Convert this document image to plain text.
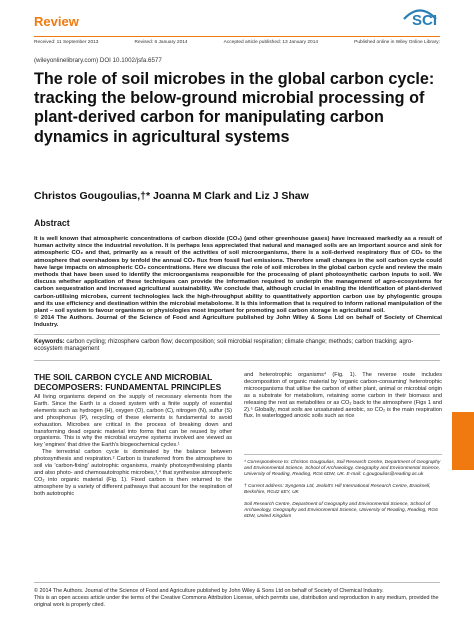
Review	SCI
Received: 11 September 2013	Revised: 6 January 2014	Accepted article published: 13 January 2014	Published online in Wiley Online Library:
(wileyonlinelibrary.com) DOI 10.1002/jsfa.6577
The role of soil microbes in the global carbon cycle: tracking the below-ground microbial processing of plant-derived carbon for manipulating carbon dynamics in agricultural systems
Christos Gougoulias,†* Joanna M Clark and Liz J Shaw
Abstract

It is well known that atmospheric concentrations of carbon dioxide (CO₂) (and other greenhouse gases) have increased markedly as a result of human activity since the industrial revolution. It is perhaps less appreciated that natural and managed soils are an important source and sink for atmospheric CO₂ and that, primarily as a result of the activities of soil microorganisms, there is a soil-derived respiratory flux of CO₂ to the atmosphere that overshadows by tenfold the annual CO₂ flux from fossil fuel emissions. Therefore small changes in the soil carbon cycle could have large impacts on atmospheric CO₂ concentrations. Here we discuss the role of soil microbes in the global carbon cycle and review the main methods that have been used to identify the microorganisms responsible for the processing of plant photosynthetic carbon inputs to soil. We discuss whether application of these techniques can provide the information required to underpin the management of agro-ecosystems for carbon sequestration and increased agricultural sustainability. We conclude that, although crucial in enabling the identification of plant-derived carbon-utilising microbes, current technologies lack the high-throughput ability to quantitatively apportion carbon use by phylogentic groups and its use efficiency and destination within the microbial metabolome. It is this information that is required to inform rational manipulation of the plant – soil system to favour organisms or physiologies most important for promoting soil carbon storage in agricultural soil.

© 2014 The Authors. Journal of the Science of Food and Agriculture published by John Wiley & Sons Ltd on behalf of Society of Chemical Industry.

Keywords: carbon cycling; rhizosphere carbon flow; decomposition; soil microbial respiration; climate change; methods; carbon tracking; agro-ecosystem management
THE SOIL CARBON CYCLE AND MICROBIAL DECOMPOSERS: FUNDAMENTAL PRINCIPLES

All living organisms depend on the supply of necessary elements from the Earth. Since the Earth is a closed system with a finite supply of essential elements such as hydrogen (H), oxygen (O), carbon (C), nitrogen (N), sulfur (S) and phosphorus (P), recycling of these elements is fundamental to avoid exhaustion. Microbes are critical in the process of breaking down and transforming dead organic material into forms that can be reused by other organisms. This is why the microbial enzyme systems involved are viewed as key 'engines' that drive the Earth's biogeochemical cycles.¹

The terrestrial carbon cycle is dominated by the balance between photosynthesis and respiration.² Carbon is transferred from the atmosphere to soil via 'carbon-fixing' autotrophic organisms, mainly photosynthesising plants and also photo- and chemoautotrophic microbes,³,⁴ that synthesise atmospheric CO₂ into organic material (Fig. 1). Fixed carbon is then returned to the atmosphere by a variety of different pathways that account for the respiration of both autotrophic

and heterotrophic organisms⁴ (Fig. 1). The reverse route includes decomposition of organic material by 'organic carbon-consuming' heterotrophic microorganisms that utilise the carbon of either plant, animal or microbial origin as a substrate for metabolism, retaining some carbon in their biomass and releasing the rest as metabolites or as CO₂ back to the atmosphere (Figs 1 and 2).⁵ Globally, most soils are unsaturated aerobic, so CO₂ is the main respiration flux. In waterlogged anoxic soils such as rice

* Correspondence to: Christos Gougoulias, Soil Research Centre, Department of Geography and Environmental Science, School of Archaeology, Geography and Environmental Science, University of Reading, Reading, RG6 6DW, UK. E-mail: c.gougoulias@reading.ac.uk

† Current address: Syngenta Ltd, Jealott's Hill International Research Centre, Bracknell, Berkshire, RG42 6EY, UK

Soil Research Centre, Department of Geography and Environmental Science, School of Archaeology, Geography and Environmental Science, University of Reading, Reading, RG6 6DW, United Kingdom

© 2014 The Authors. Journal of the Science of Food and Agriculture published by John Wiley & Sons Ltd on behalf of Society of Chemical Industry.

This is an open access article under the terms of the Creative Commons Attribution License, which permits use, distribution and reproduction in any medium, provided the original work is properly cited.
